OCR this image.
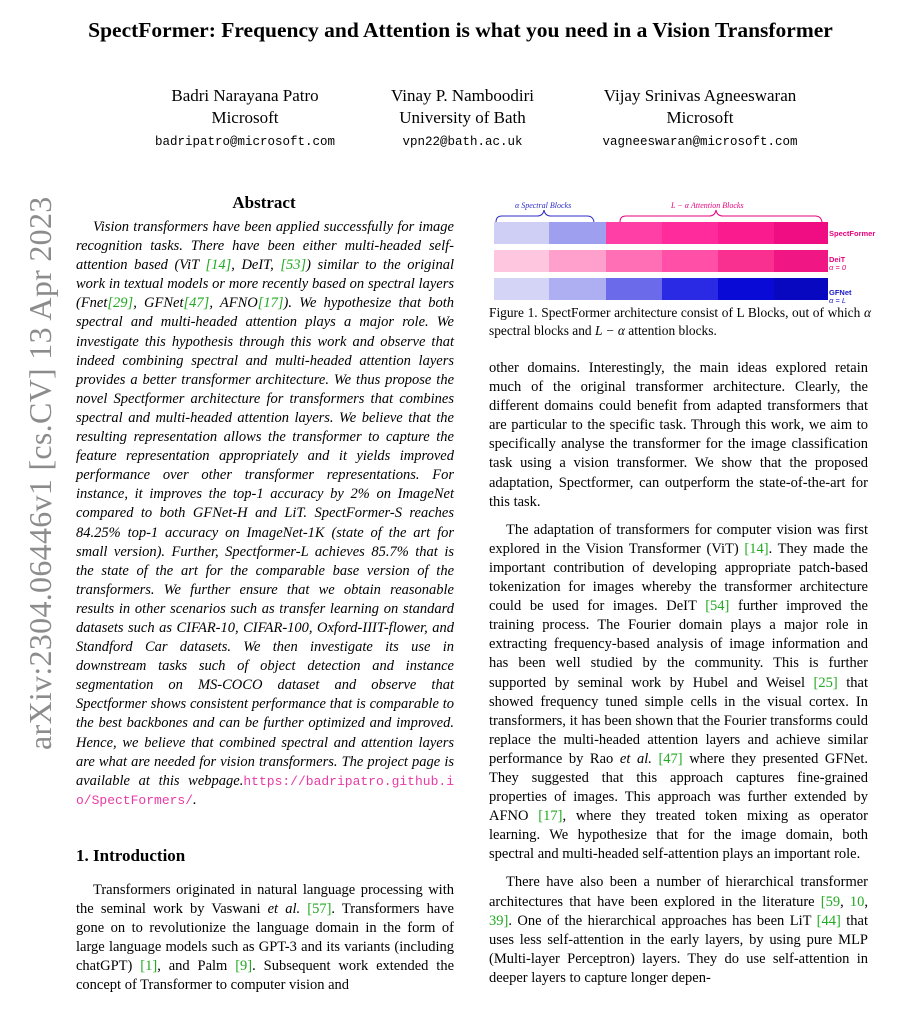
SpectFormer: Frequency and Attention is what you need in a Vision Transformer
Badri Narayana Patro
Microsoft
badripatro@microsoft.com
Vinay P. Namboodiri
University of Bath
vpn22@bath.ac.uk
Vijay Srinivas Agneeswaran
Microsoft
vagneeswaran@microsoft.com
arXiv:2304.06446v1 [cs.CV] 13 Apr 2023	Abstract
Vision transformers have been applied successfully for image recognition tasks. There have been either multi-headed self-attention based (ViT [14], DeIT, [53]) similar to the original work in textual models or more recently based on spectral layers (Fnet[29], GFNet[47], AFNO[17]). We hypothesize that both spectral and multi-headed attention plays a major role. We investigate this hypothesis through this work and observe that indeed combining spectral and multi-headed attention layers provides a better transformer architecture. We thus propose the novel Spectformer architecture for transformers that combines spectral and multi-headed attention layers. We believe that the resulting representation allows the transformer to capture the feature representation appropriately and it yields improved performance over other transformer representations. For instance, it improves the top-1 accuracy by 2% on ImageNet compared to both GFNet-H and LiT. SpectFormer-S reaches 84.25% top-1 accuracy on ImageNet-1K (state of the art for small version). Further, Spectformer-L achieves 85.7% that is the state of the art for the comparable base version of the transformers. We further ensure that we obtain reasonable results in other scenarios such as transfer learning on standard datasets such as CIFAR-10, CIFAR-100, Oxford-IIIT-flower, and Standford Car datasets. We then investigate its use in downstream tasks such of object detection and instance segmentation on MS-COCO dataset and observe that Spectformer shows consistent performance that is comparable to the best backbones and can be further optimized and improved. Hence, we believe that combined spectral and attention layers are what are needed for vision transformers. The project page is available at this webpage.https://badripatro.github.io/SpectFormers/.
1. Introduction
Transformers originated in natural language processing with the seminal work by Vaswani et al. [57]. Transformers have gone on to revolutionize the language domain in the form of large language models such as GPT-3 and its variants (including chatGPT) [1], and Palm [9]. Subsequent work extended the concept of Transformer to computer vision and
α Spectral Blocks	L − α Attention Blocks
SpectFormer
DeiT
α = 0
GFNet
α = L
Figure 1. SpectFormer architecture consist of L Blocks, out of which α spectral blocks and L − α attention blocks.

other domains. Interestingly, the main ideas explored retain much of the original transformer architecture. Clearly, the different domains could benefit from adapted transformers that are particular to the specific task. Through this work, we aim to specifically analyse the transformer for the image classification task using a vision transformer. We show that the proposed adaptation, Spectformer, can outperform the state-of-the-art for this task.

The adaptation of transformers for computer vision was first explored in the Vision Transformer (ViT) [14]. They made the important contribution of developing appropriate patch-based tokenization for images whereby the transformer architecture could be used for images. DeIT [54] further improved the training process. The Fourier domain plays a major role in extracting frequency-based analysis of image information and has been well studied by the community. This is further supported by seminal work by Hubel and Weisel [25] that showed frequency tuned simple cells in the visual cortex. In transformers, it has been shown that the Fourier transforms could replace the multi-headed attention layers and achieve similar performance by Rao et al. [47] where they presented GFNet. They suggested that this approach captures fine-grained properties of images. This approach was further extended by AFNO [17], where they treated token mixing as operator learning. We hypothesize that for the image domain, both spectral and multi-headed self-attention plays an important role.

There have also been a number of hierarchical transformer architectures that have been explored in the literature [59, 10, 39]. One of the hierarchical approaches has been LiT [44] that uses less self-attention in the early layers, by using pure MLP (Multi-layer Perceptron) layers. They do use self-attention in deeper layers to capture longer depen-
